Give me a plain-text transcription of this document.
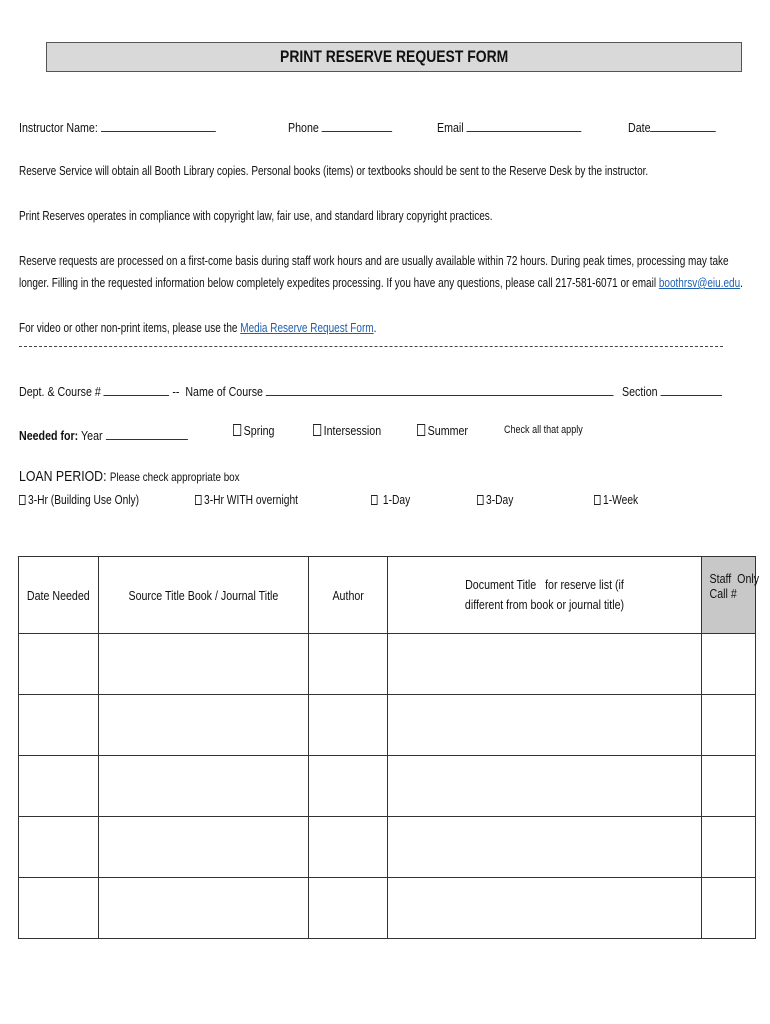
PRINT RESERVE REQUEST FORM
Instructor Name:	Phone	Email	Date
Reserve Service will obtain all Booth Library copies. Personal books (items) or textbooks should be sent to the Reserve Desk by the instructor.
Print Reserves operates in compliance with copyright law, fair use, and standard library copyright practices.
Reserve requests are processed on a first-come basis during staff work hours and are usually available within 72 hours. During peak times, processing may take
longer. Filling in the requested information below completely expedites processing. If you have any questions, please call 217-581-6071 or email boothrsv@eiu.edu.
For video or other non-print items, please use the Media Reserve Request Form.
Dept. & Course #	-- Name of Course	Section
Needed for: Year	Spring	Intersession	Summer	Check all that apply
LOAN PERIOD: Please check appropriate box
3-Hr (Building Use Only)	3-Hr WITH overnight	1-Day	3-Day	1-Week
Date Needed	Source Title Book / Journal Title	Author	Document Title   for reserve list (if
different from book or journal title)	Staff  Only
Call #
